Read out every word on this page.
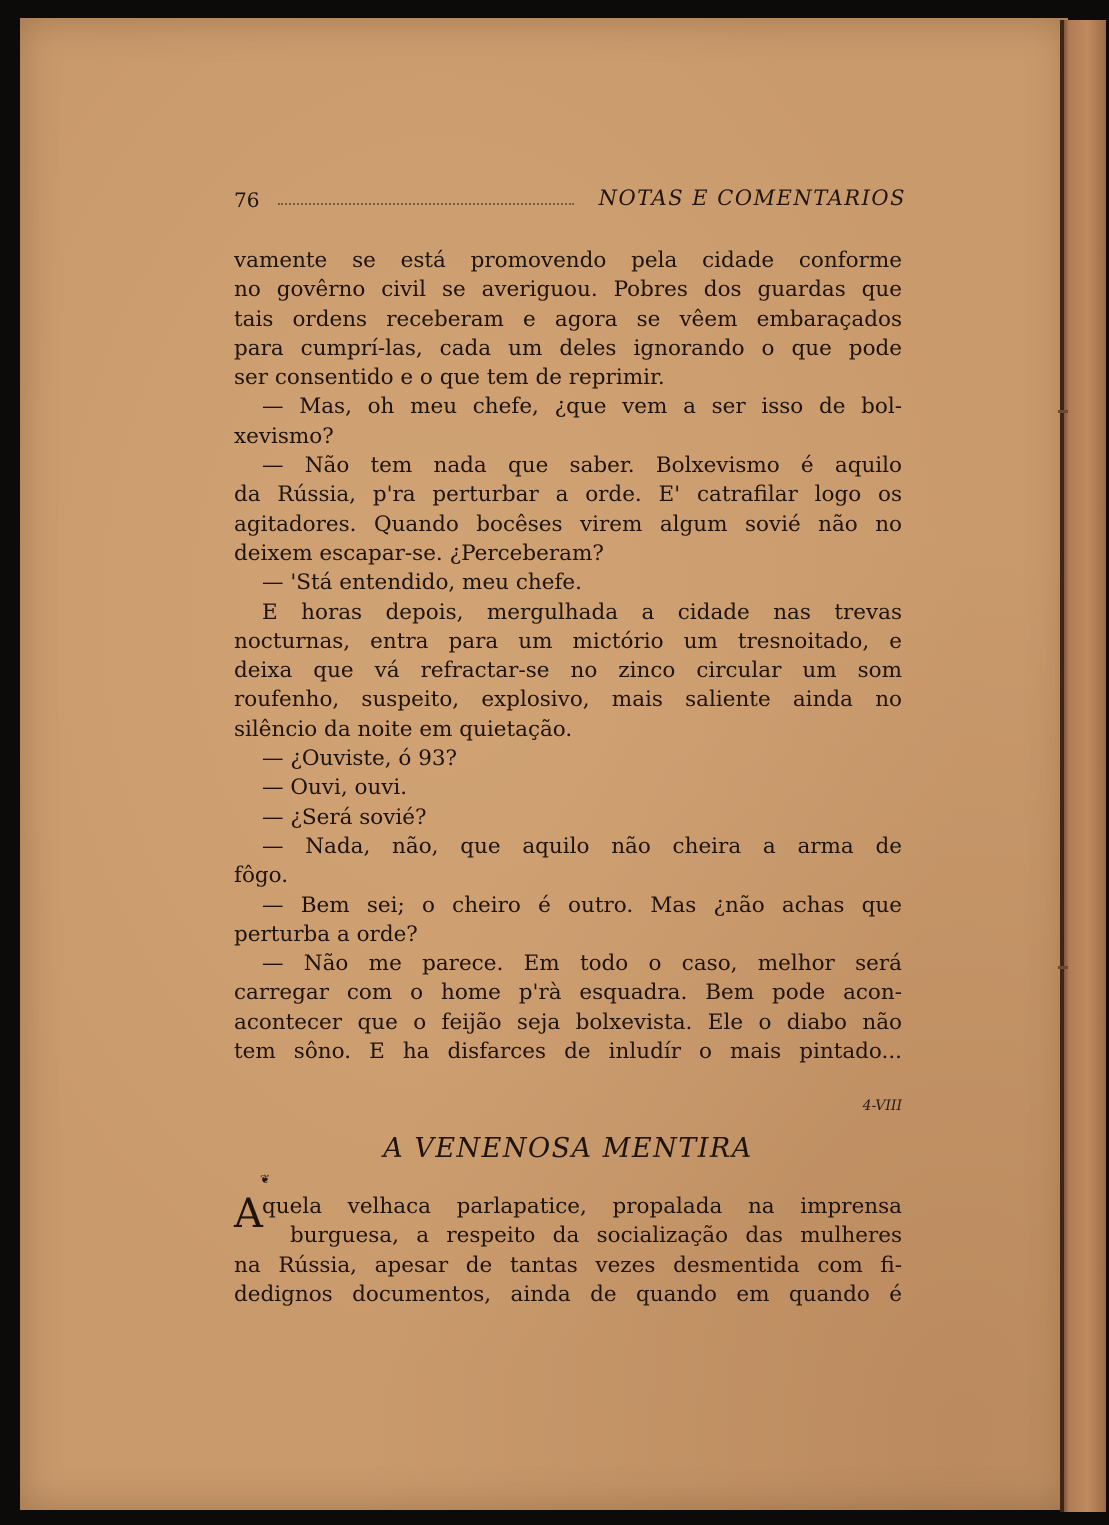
76	NOTAS E COMENTARIOS
vamente se está promovendo pela cidade conforme
no govêrno civil se averiguou. Pobres dos guardas que
tais ordens receberam e agora se vêem embaraçados
para cumprí-las, cada um deles ignorando o que pode
ser consentido e o que tem de reprimir.
— Mas, oh meu chefe, ¿que vem a ser isso de bol-
xevismo?
— Não tem nada que saber. Bolxevismo é aquilo
da Rússia, p'ra perturbar a orde. E' catrafilar logo os
agitadores. Quando bocêses virem algum sovié não no
deixem escapar-se. ¿Perceberam?
— 'Stá entendido, meu chefe.
E horas depois, mergulhada a cidade nas trevas
nocturnas, entra para um mictório um tresnoitado, e
deixa que vá refractar-se no zinco circular um som
roufenho, suspeito, explosivo, mais saliente ainda no
silêncio da noite em quietação.
— ¿Ouviste, ó 93?
— Ouvi, ouvi.
— ¿Será sovié?
— Nada, não, que aquilo não cheira a arma de
fôgo.
— Bem sei; o cheiro é outro. Mas ¿não achas que
perturba a orde?
— Não me parece. Em todo o caso, melhor será
carregar com o home p'rà esquadra. Bem pode acon-
acontecer que o feijão seja bolxevista. Ele o diabo não
tem sôno. E ha disfarces de inludír o mais pintado...
4-VIII
A VENENOSA MENTIRA
❦
A quela velhaca parlapatice, propalada na imprensa
burguesa, a respeito da socialização das mulheres
na Rússia, apesar de tantas vezes desmentida com fi-
dedignos documentos, ainda de quando em quando é
